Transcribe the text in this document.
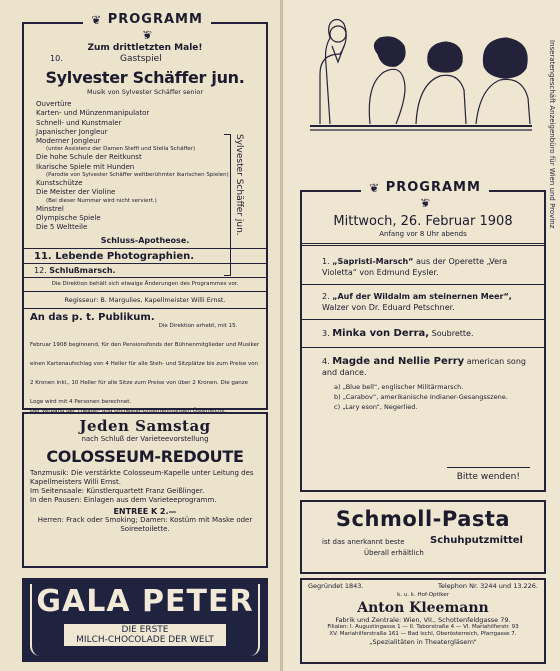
❦ PROGRAMM ❦
Zum drittletzten Male!
10.	Gastspiel
Sylvester Schäffer jun.
Musik von Sylvester Schäffer senior
Ouvertüre
Karten- und Münzenmanipulator
Schnell- und Kunstmaler
Japanischer Jongleur
Moderner Jongleur
(unter Assistenz der Damen Steffi und Stella Schäffer)
Die hohe Schule der Reitkunst
Ikarische Spiele mit Hunden
(Parodie von Sylvester Schäffer weltberühmter ikarischen Spielen)
Kunstschütze
Die Meister der Violine
(Bei dieser Nummer wird nicht serviert.)
Minstrel
Olympische Spiele
Die 5 Weltteile	Sylvester Schäffer jun.
Schluss-Apotheose.
11. Lebende Photographien.
12. Schlußmarsch.
Die Direktion behält sich etwaige Änderungen des Programmes vor.
Regisseur: B. Margulies, Kapellmeister Willi Ernst.
An das p. t. Publikum.
Die Direktion erhebt, mit 15. Februar 1908 beginnend, für den Pensionsfonds der Bühnenmitglieder und Musiker einen Kartenaufschlag von 4 Heller für alle Steh- und Sitzplätze bis zum Preise von 2 Kronen inkl., 10 Heller für alle Sitze zum Preise von über 2 Kronen. Die ganze Loge wird mit 4 Personen berechnet.
Der Verband der Theater- und Orchester-Unternehmungen Österreichs.
Jeden Samstag
nach Schluß der Varieteevorstellung
COLOSSEUM-REDOUTE
Tanzmusik: Die verstärkte Colosseum-Kapelle unter Leitung des Kapellmeisters Willi Ernst.
Im Seitensaale: Künstlerquartett Franz Geißlinger.
In den Pausen: Einlagen aus dem Varieteeprogramm.
ENTREE K 2.—
Herren: Frack oder Smoking; Damen: Kostüm mit Maske oder Soireetoilette.
GALA PETER
DIE ERSTE
MILCH-CHOCOLADE DER WELT
❦ PROGRAMM ❦
Mittwoch, 26. Februar 1908
Anfang vor 8 Uhr abends
1. „Sapristi-Marsch“ aus der Operette „Vera Violetta“ von Edmund Eysler.
2. „Auf der Wildalm am steinernen Meer“, Walzer von Dr. Eduard Petschner.
3. Minka von Derra, Soubrette.
4. Magde and Nellie Perry american song and dance.
a) „Blue bell“, englischer Militärmarsch.
b) „Carabov“, amerikanische Indianer-Gesangsszene.
c) „Lary eson“, Negerlied.
Bitte wenden!
Schmoll-Pasta
ist das anerkannt beste	Schuhputzmittel
Überall erhältlich
Gegründet 1843.	Telephon Nr. 3244 und 13.226.
k. u. k. Hof-Optiker
Anton Kleemann
Fabrik und Zentrale: Wien, VII., Schottenfeldgasse 79.
Filialen: I. Augustingasse 1 — II. Taborstraße 4 — VI. Mariahilferstr. 93
XV. Mariahilferstraße 161 — Bad Ischl, Oberösterreich, Pfarrgasse 7.
„Spezialitäten in Theatergläsern“
Inseratengeschäft Anzeigenbüro für Wien und Provinz
